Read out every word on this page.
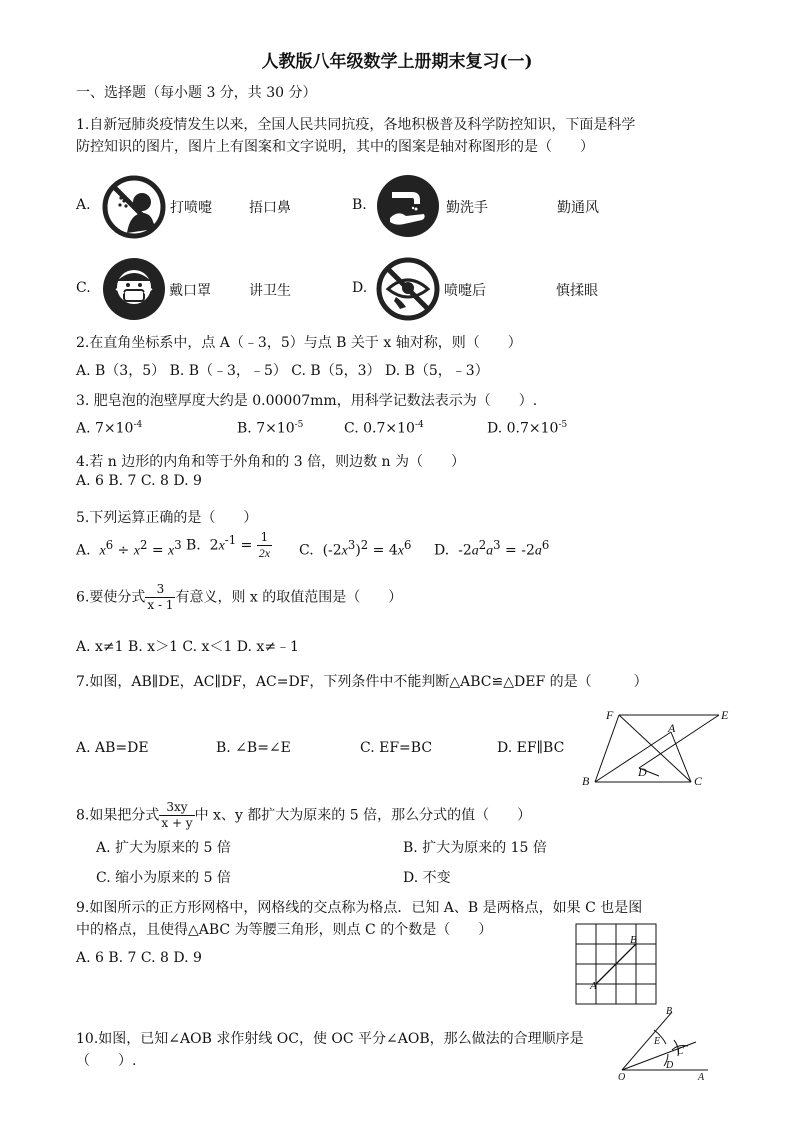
人教版八年级数学上册期末复习(一)
一、选择题（每小题 3 分，共 30 分）
1.自新冠肺炎疫情发生以来，全国人民共同抗疫，各地积极普及科学防控知识，下面是科学
防控知识的图片，图片上有图案和文字说明，其中的图案是轴对称图形的是（　　）
A.	打喷嚏	捂口鼻	B.	勤洗手	勤通风
C.	戴口罩	讲卫生	D.	喷嚏后	慎揉眼
2.在直角坐标系中，点 A（﹣3，5）与点 B 关于 x 轴对称，则（　　）
A. B（3，5） B. B（﹣3，﹣5） C. B（5，3） D. B（5，﹣3）
3. 肥皂泡的泡壁厚度大约是 0.00007mm，用科学记数法表示为（　　）.
A. $7\times 10^{-4}$	B. $7\times 10^{-5}$	C. $0.7\times 10^{-4}$	D. $0.7\times 10^{-5}$
4.若 n 边形的内角和等于外角和的 3 倍，则边数 n 为（　　）
A. 6 B. 7 C. 8 D. 9
5.下列运算正确的是（　　）
A. $x^6 \div x^2 = x^3$ B.  $2x^{-1} = \frac{1}{2x} C$.  $(-2x^3)^2 = 4x^6$ D.  $-2a^2a^3 = -2a^6$
6.要使分式 $\frac{3}{x - 1}$ 有意义，则 x 的取值范围是（　　）
A. x≠1 B. x＞1 C. x＜1 D. x≠﹣1
7.如图，AB∥DE，AC∥DF，AC=DF，下列条件中不能判断△ABC≌△DEF 的是（　　　）
A. AB=DE	B. ∠B=∠E	C. EF=BC	D. EF∥BC
F	E
A
D
B	C
8.如果把分式 $\frac{3xy}{x + y}$ 中 x、y 都扩大为原来的 5 倍，那么分式的值（　　）
A. 扩大为原来的 5 倍	B. 扩大为原来的 15 倍
C. 缩小为原来的 5 倍	D. 不变
9.如图所示的正方形网格中，网格线的交点称为格点．已知 A、B 是两格点，如果 C 也是图
中的格点，且使得△ABC 为等腰三角形，则点 C 的个数是（　　）
A. 6 B. 7 C. 8 D. 9
B
A
10.如图，已知∠AOB 求作射线 OC，使 OC 平分∠AOB，那么做法的合理顺序是
（　　）.
B
E
C
D
O	A
